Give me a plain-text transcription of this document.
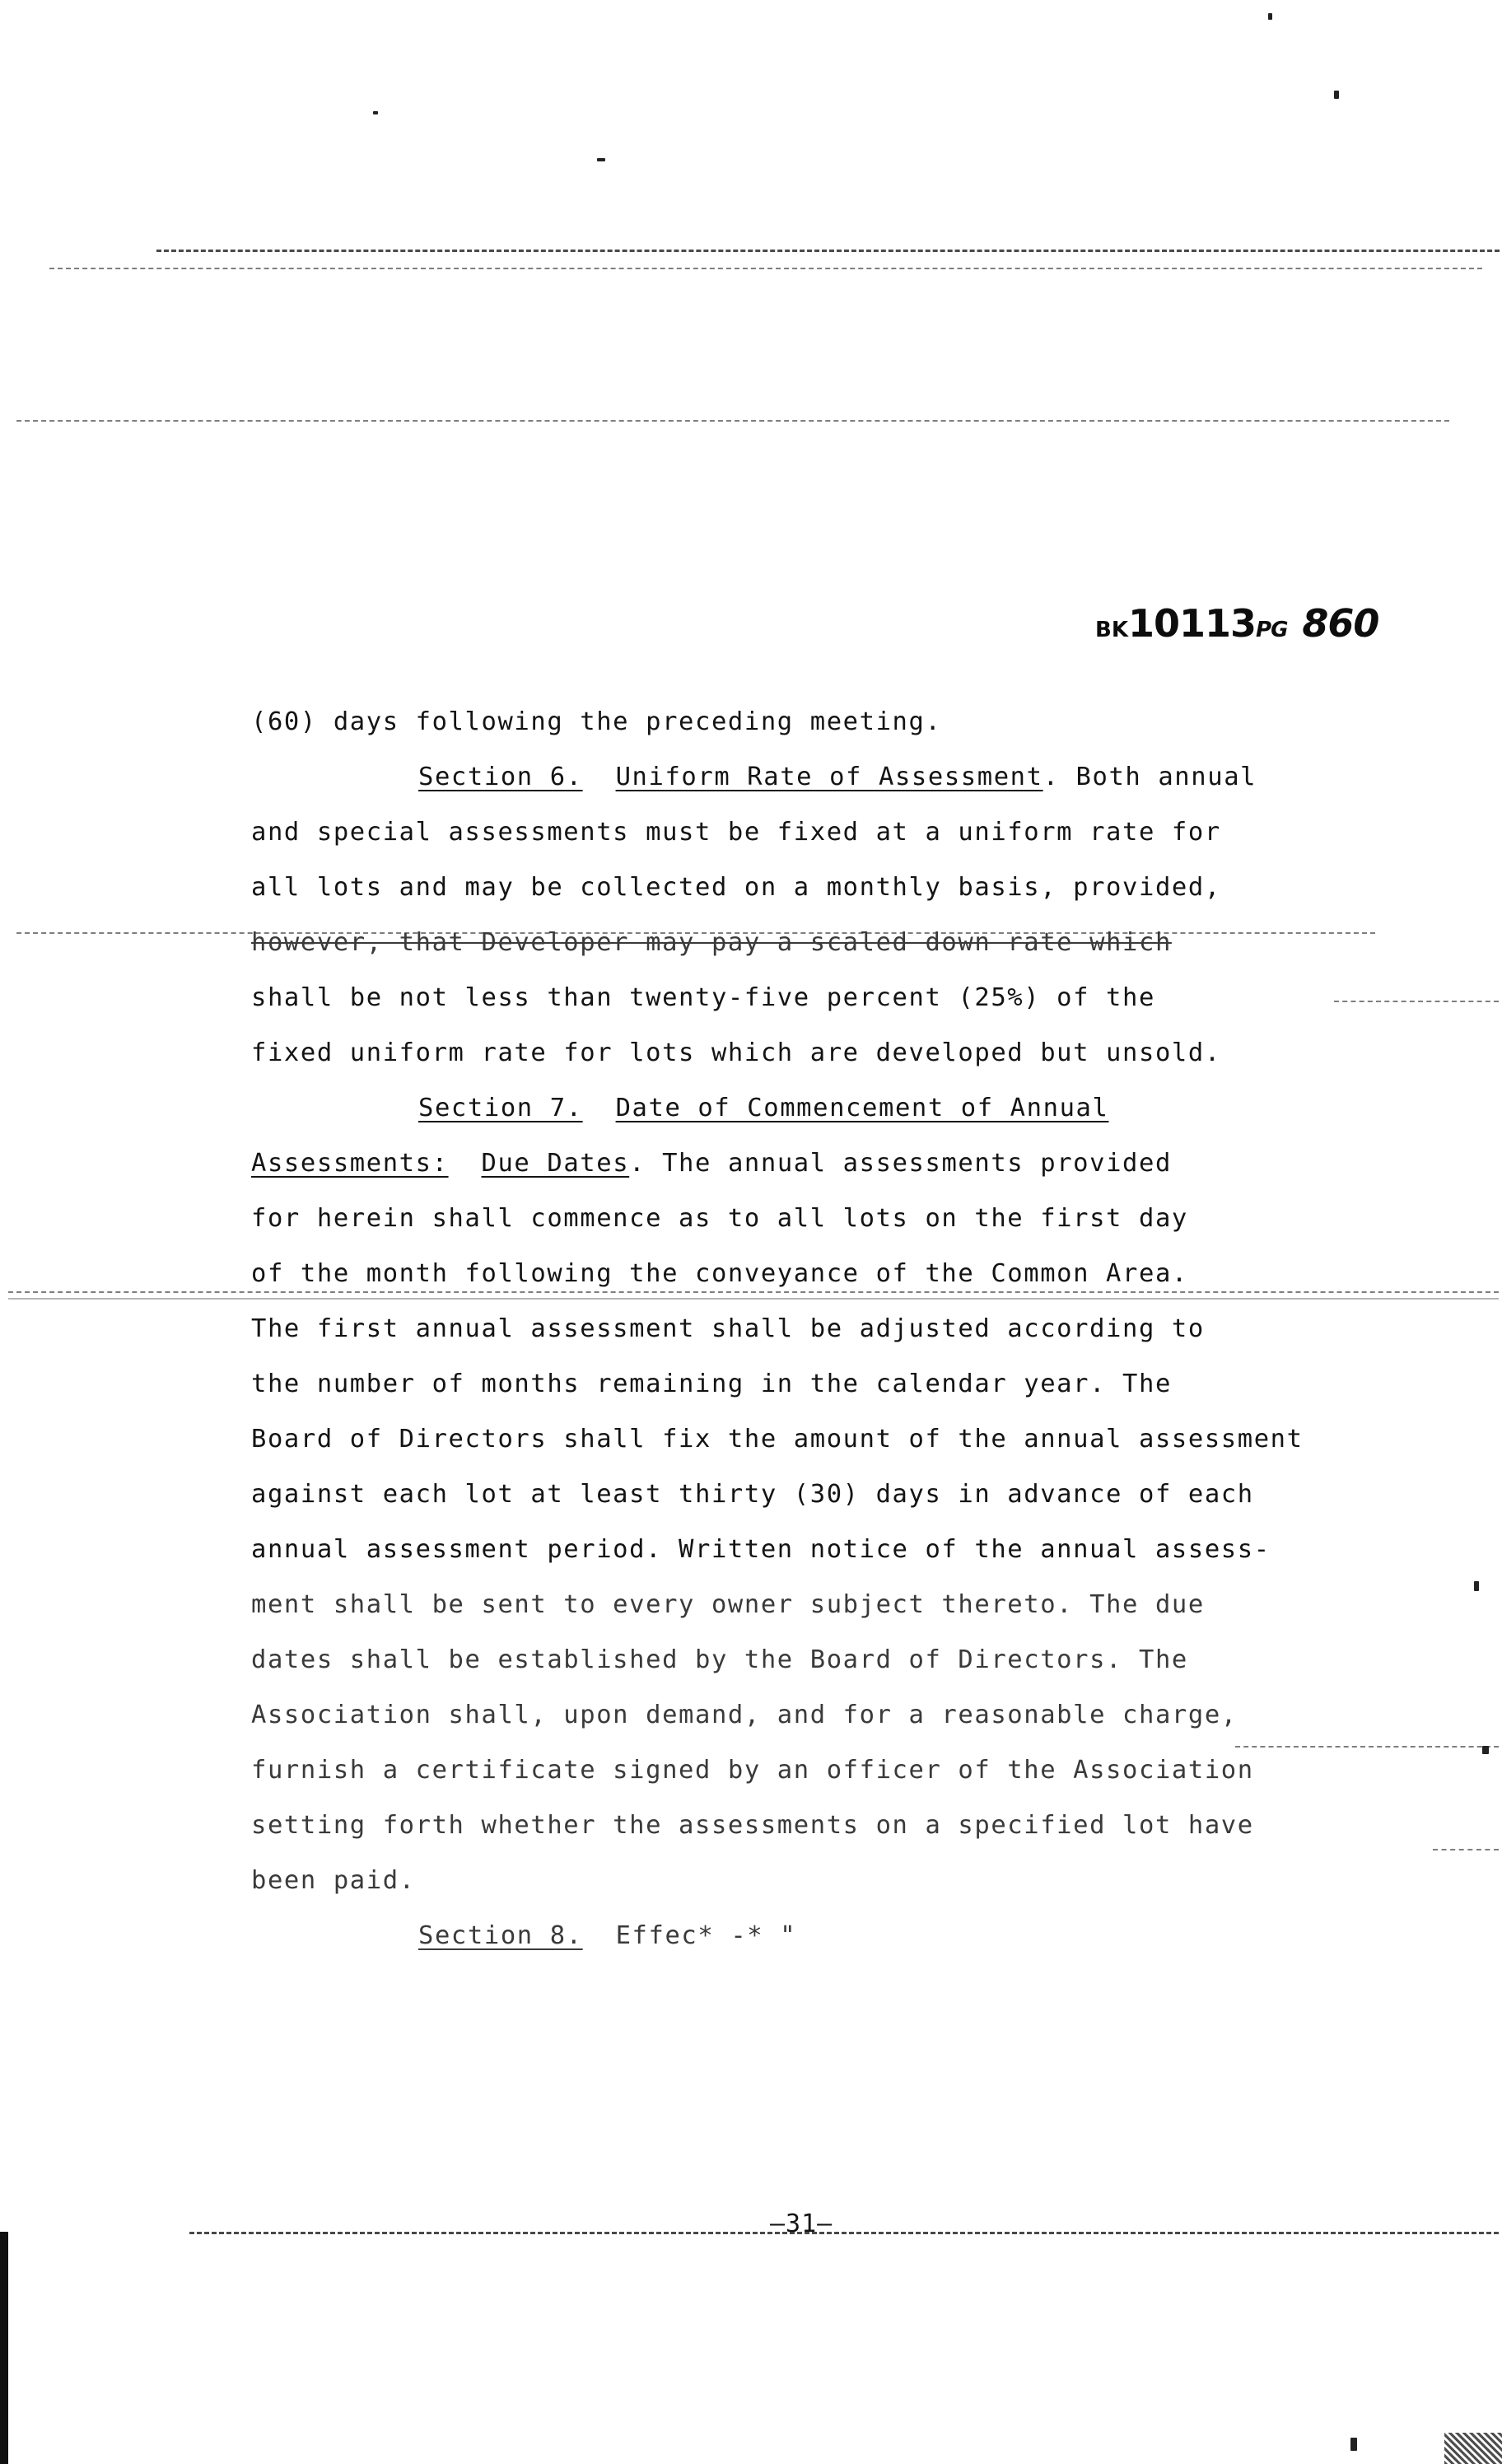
BK10113PG 860
(60) days following the preceding meeting.
Section 6. Uniform Rate of Assessment. Both annual
and special assessments must be fixed at a uniform rate for
all lots and may be collected on a monthly basis, provided,
however, that Developer may pay a scaled down rate which
shall be not less than twenty-five percent (25%) of the
fixed uniform rate for lots which are developed but unsold.
Section 7. Date of Commencement of Annual
Assessments: Due Dates. The annual assessments provided
for herein shall commence as to all lots on the first day
of the month following the conveyance of the Common Area.
The first annual assessment shall be adjusted according to
the number of months remaining in the calendar year. The
Board of Directors shall fix the amount of the annual assessment
against each lot at least thirty (30) days in advance of each
annual assessment period. Written notice of the annual assess-
ment shall be sent to every owner subject thereto. The due
dates shall be established by the Board of Directors. The
Association shall, upon demand, and for a reasonable charge,
furnish a certificate signed by an officer of the Association
setting forth whether the assessments on a specified lot have
been paid.
Section 8. Effec* -* "
—31—
